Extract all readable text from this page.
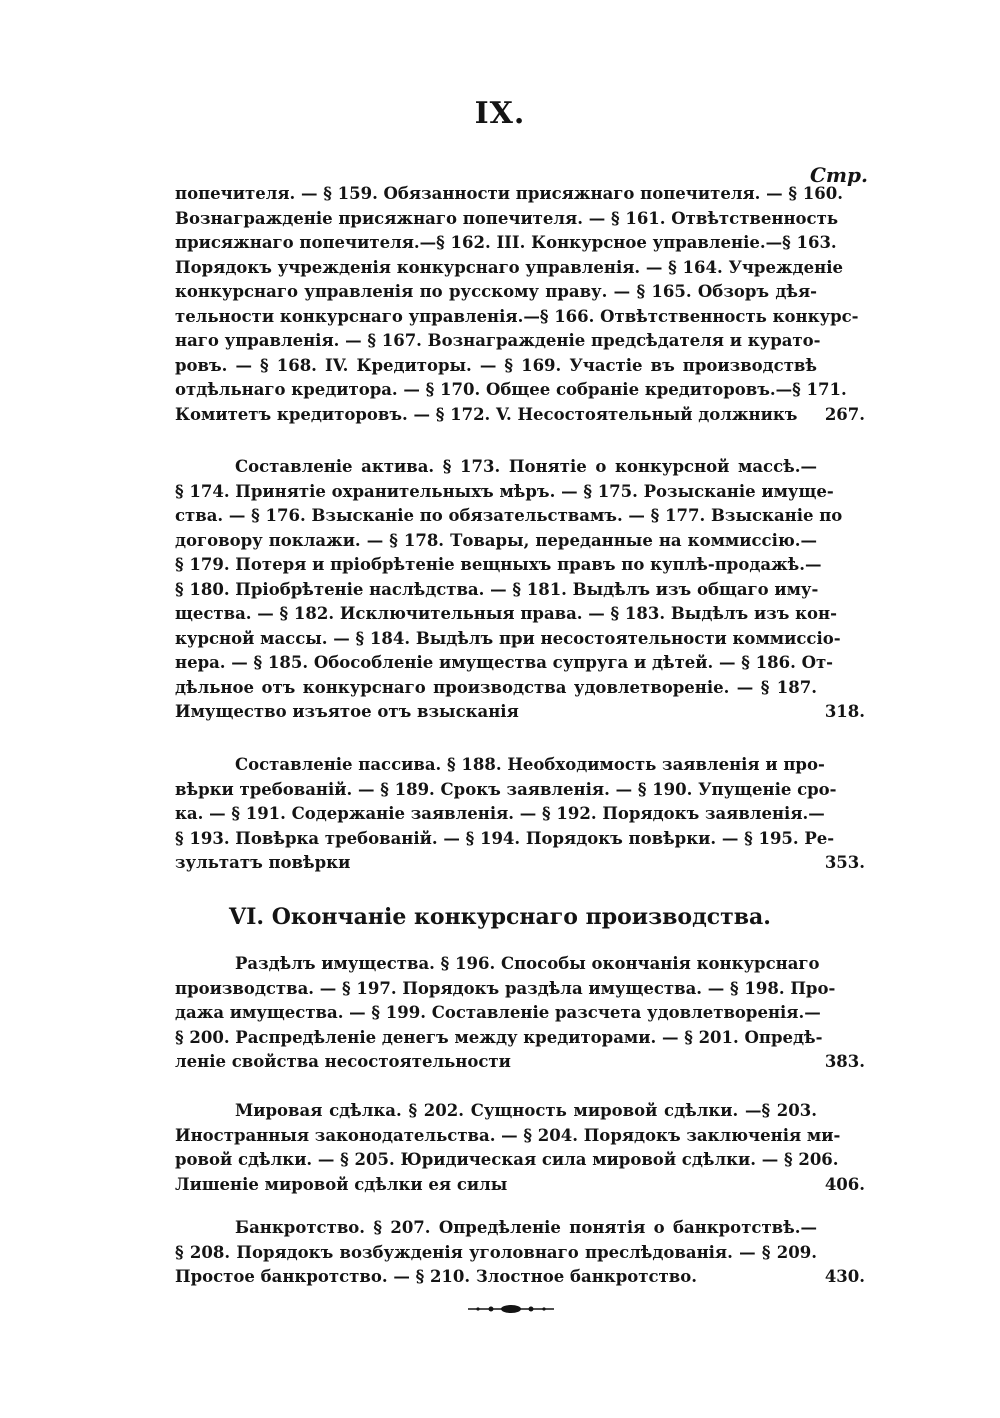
IX.
Стр.
попечителя. — § 159. Обязанности присяжнаго попечителя. — § 160.
Вознагражденіе присяжнаго попечителя. — § 161. Отвѣтственность
присяжнаго попечителя.—§ 162. III. Конкурсное управленіе.—§ 163.
Порядокъ учрежденія конкурснаго управленія. — § 164. Учрежденіе
конкурснаго управленія по русскому праву. — § 165. Обзоръ дѣя-
тельности конкурснаго управленія.—§ 166. Отвѣтственность конкурс-
наго управленія. — § 167. Вознагражденіе предсѣдателя и курато-
ровъ. — § 168. IV. Кредиторы. — § 169. Участіе въ производствѣ
отдѣльнаго кредитора. — § 170. Общее собраніе кредиторовъ.—§ 171.
Комитетъ кредиторовъ. — § 172. V. Несостоятельный должникъ	267.
Составленіе актива. § 173. Понятіе о конкурсной массѣ.—
§ 174. Принятіе охранительныхъ мѣръ. — § 175. Розысканіе имуще-
ства. — § 176. Взысканіе по обязательствамъ. — § 177. Взысканіе по
договору поклажи. — § 178. Товары, переданные на коммиссію.—
§ 179. Потеря и пріобрѣтеніе вещныхъ правъ по куплѣ-продажѣ.—
§ 180. Пріобрѣтеніе наслѣдства. — § 181. Выдѣлъ изъ общаго иму-
щества. — § 182. Исключительныя права. — § 183. Выдѣлъ изъ кон-
курсной массы. — § 184. Выдѣлъ при несостоятельности коммиссіо-
нера. — § 185. Обособленіе имущества супруга и дѣтей. — § 186. От-
дѣльное отъ конкурснаго производства удовлетвореніе. — § 187.
Имущество изъятое отъ взысканія	318.
Составленіе пассива. § 188. Необходимость заявленія и про-
вѣрки требованій. — § 189. Срокъ заявленія. — § 190. Упущеніе сро-
ка. — § 191. Содержаніе заявленія. — § 192. Порядокъ заявленія.—
§ 193. Повѣрка требованій. — § 194. Порядокъ повѣрки. — § 195. Ре-
зультатъ повѣрки	353.
VI. Окончаніе конкурснаго производства.
Раздѣлъ имущества. § 196. Способы окончанія конкурснаго
производства. — § 197. Порядокъ раздѣла имущества. — § 198. Про-
дажа имущества. — § 199. Составленіе разсчета удовлетворенія.—
§ 200. Распредѣленіе денегъ между кредиторами. — § 201. Опредѣ-
леніе свойства несостоятельности	383.
Мировая сдѣлка. § 202. Сущность мировой сдѣлки. —§ 203.
Иностранныя законодательства. — § 204. Порядокъ заключенія ми-
ровой сдѣлки. — § 205. Юридическая сила мировой сдѣлки. — § 206.
Лишеніе мировой сдѣлки ея силы	406.
Банкротство. § 207. Опредѣленіе понятія о банкротствѣ.—
§ 208. Порядокъ возбужденія уголовнаго преслѣдованія. — § 209.
Простое банкротство. — § 210. Злостное банкротство.	430.
